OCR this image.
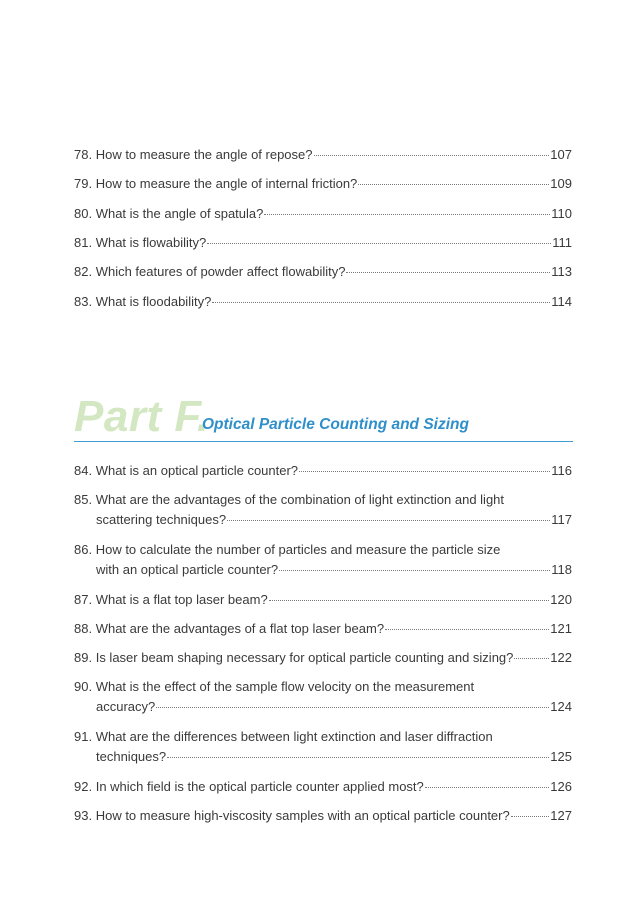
78. How to measure the angle of repose?	107
79. How to measure the angle of internal friction?	109
80. What is the angle of spatula?	110
81. What is flowability?	111
82. Which features of powder affect flowability?	113
83. What is floodability?	114
Part F.
Optical Particle Counting and Sizing
84. What is an optical particle counter?	116
85. What are the advantages of the combination of light extinction and light
scattering techniques?	117
86. How to calculate the number of particles and measure the particle size
with an optical particle counter?	118
87. What is a flat top laser beam?	120
88. What are the advantages of a flat top laser beam?	121
89. Is laser beam shaping necessary for optical particle counting and sizing?	122
90. What is the effect of the sample flow velocity on the measurement
accuracy?	124
91. What are the differences between light extinction and laser diffraction
techniques?	125
92. In which field is the optical particle counter applied most?	126
93. How to measure high-viscosity samples with an optical particle counter?	127
